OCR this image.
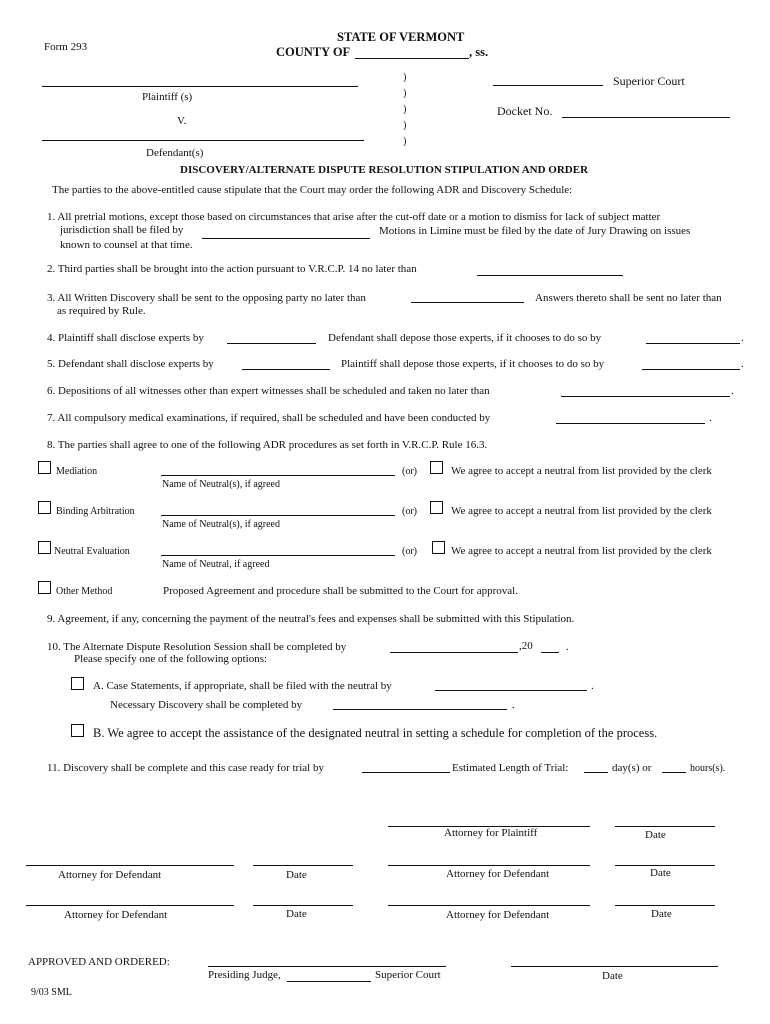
Form 293
STATE OF VERMONT
COUNTY OF	, ss.
Plaintiff (s)
V.
Defendant(s)
)
)
)
)
)
Superior Court
Docket No.
DISCOVERY/ALTERNATE DISPUTE RESOLUTION STIPULATION AND ORDER
The parties to the above-entitled cause stipulate that the Court may order the following ADR and Discovery Schedule:
1. All pretrial motions, except those based on circumstances that arise after the cut-off date or a motion to dismiss for lack of subject matter
jurisdiction shall be filed by	Motions in Limine must be filed by the date of Jury Drawing on issues
known to counsel at that time.
2. Third parties shall be brought into the action pursuant to V.R.C.P. 14 no later than
3. All Written Discovery shall be sent to the opposing party no later than	Answers thereto shall be sent no later than
as required by Rule.
4. Plaintiff shall disclose experts by	Defendant shall depose those experts, if it chooses to do so by	.
5. Defendant shall disclose experts by	Plaintiff shall depose those experts, if it chooses to do so by	.
6. Depositions of all witnesses other than expert witnesses shall be scheduled and taken no later than	.
7. All compulsory medical examinations, if required, shall be scheduled and have been conducted by	.
8. The parties shall agree to one of the following ADR procedures as set forth in V.R.C.P. Rule 16.3.
Mediation
Name of Neutral(s), if agreed
(or)	We agree to accept a neutral from list provided by the clerk
Binding Arbitration
Name of Neutral(s), if agreed
(or)	We agree to accept a neutral from list provided by the clerk
Neutral Evaluation
Name of Neutral, if agreed
(or)	We agree to accept a neutral from list provided by the clerk
Other Method	Proposed Agreement and procedure shall be submitted to the Court for approval.
9. Agreement, if any, concerning the payment of the neutral's fees and expenses shall be submitted with this Stipulation.
10. The Alternate Dispute Resolution Session shall be completed by	,20	.
Please specify one of the following options:
A. Case Statements, if appropriate, shall be filed with the neutral by	.
Necessary Discovery shall be completed by	.
B. We agree to accept the assistance of the designated neutral in setting a schedule for completion of the process.
11. Discovery shall be complete and this case ready for trial by	Estimated Length of Trial:	day(s) or	hours(s).
Attorney for Plaintiff	Date
Attorney for Defendant	Date	Attorney for Defendant	Date
Attorney for Defendant	Date	Attorney for Defendant	Date
APPROVED AND ORDERED:
Presiding Judge,	Superior Court	Date
9/03 SML
